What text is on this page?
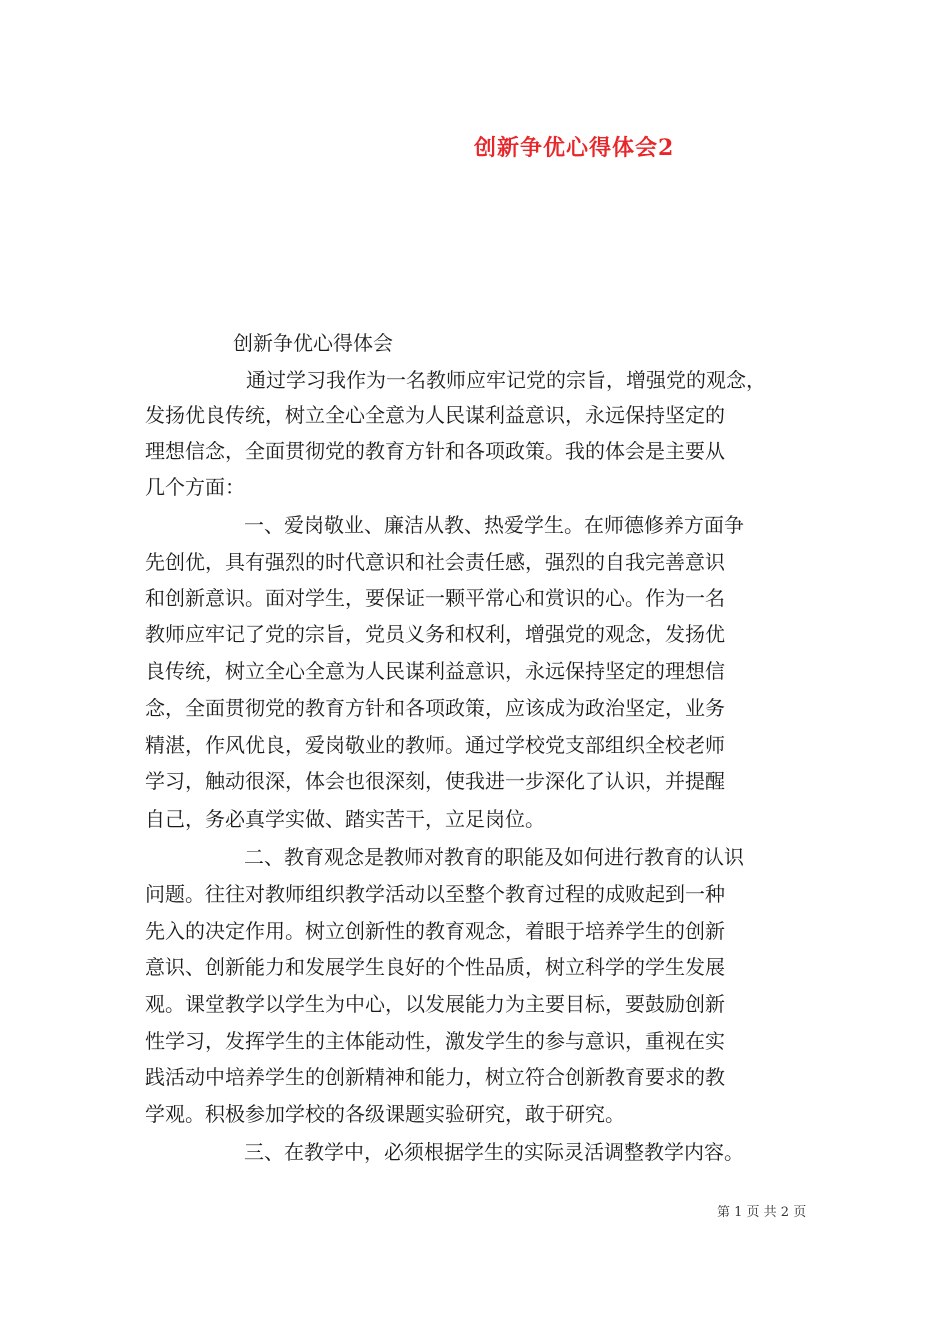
创新争优心得体会2
创新争优心得体会
通过学习我作为一名教师应牢记党的宗旨，增强党的观念，
发扬优良传统，树立全心全意为人民谋利益意识，永远保持坚定的
理想信念，全面贯彻党的教育方针和各项政策。我的体会是主要从
几个方面：
一、爱岗敬业、廉洁从教、热爱学生。在师德修养方面争
先创优，具有强烈的时代意识和社会责任感，强烈的自我完善意识
和创新意识。面对学生，要保证一颗平常心和赏识的心。作为一名
教师应牢记了党的宗旨，党员义务和权利，增强党的观念，发扬优
良传统，树立全心全意为人民谋利益意识，永远保持坚定的理想信
念，全面贯彻党的教育方针和各项政策，应该成为政治坚定，业务
精湛，作风优良，爱岗敬业的教师。通过学校党支部组织全校老师
学习，触动很深，体会也很深刻，使我进一步深化了认识，并提醒
自己，务必真学实做、踏实苦干，立足岗位。
二、教育观念是教师对教育的职能及如何进行教育的认识
问题。往往对教师组织教学活动以至整个教育过程的成败起到一种
先入的决定作用。树立创新性的教育观念，着眼于培养学生的创新
意识、创新能力和发展学生良好的个性品质，树立科学的学生发展
观。课堂教学以学生为中心，以发展能力为主要目标，要鼓励创新
性学习，发挥学生的主体能动性，激发学生的参与意识，重视在实
践活动中培养学生的创新精神和能力，树立符合创新教育要求的教
学观。积极参加学校的各级课题实验研究，敢于研究。
三、在教学中，必须根据学生的实际灵活调整教学内容。
第 1 页 共 2 页
